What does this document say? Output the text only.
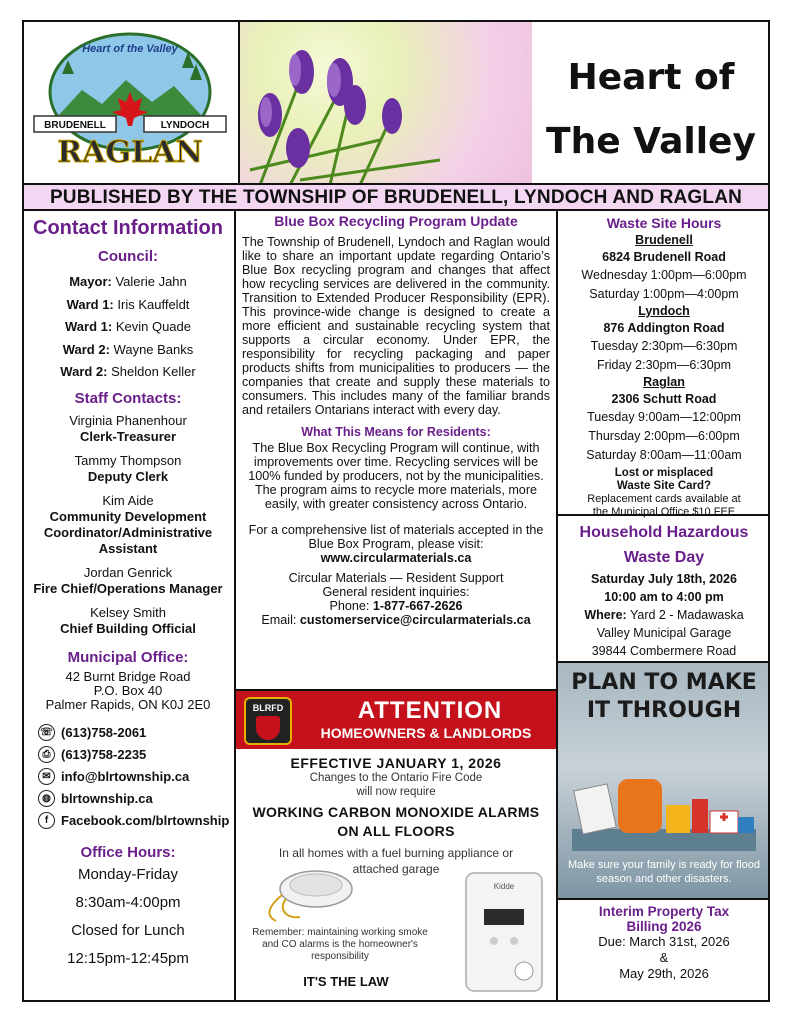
Heart of the Valley
BRUDENELL	LYNDOCH
RAGLAN
Heart of
The Valley
PUBLISHED BY THE TOWNSHIP OF BRUDENELL, LYNDOCH AND RAGLAN
Contact Information
Council:
Mayor: Valerie Jahn
Ward 1: Iris Kauffeldt
Ward 1: Kevin Quade
Ward 2: Wayne Banks
Ward 2: Sheldon Keller
Staff Contacts:
Virginia Phanenhour
Clerk-Treasurer
Tammy Thompson
Deputy Clerk
Kim Aide
Community Development Coordinator/Administrative Assistant
Jordan Genrick
Fire Chief/Operations Manager
Kelsey Smith
Chief Building Official
Municipal Office:
42 Burnt Bridge Road
P.O. Box 40
Palmer Rapids, ON K0J 2E0
☏ (613)758-2061
⎙ (613)758-2235
✉ info@blrtownship.ca
◍ blrtownship.ca
f Facebook.com/blrtownship
Office Hours:
Monday-Friday
8:30am-4:00pm
Closed for Lunch
12:15pm-12:45pm
Blue Box Recycling Program Update
The Township of Brudenell, Lyndoch and Raglan would like to share an important update regarding Ontario’s Blue Box recycling program and changes that affect how recycling services are delivered in the community. Transition to Extended Producer Responsibility (EPR). This province-wide change is designed to create a more efficient and sustainable recycling system that supports a circular economy. Under EPR, the responsibility for recycling packaging and paper products shifts from municipalities to producers — the companies that create and supply these materials to consumers. This includes many of the familiar brands and retailers Ontarians interact with every day.
What This Means for Residents:
The Blue Box Recycling Program will continue, with improvements over time. Recycling services will be 100% funded by producers, not by the municipalities. The program aims to recycle more materials, more easily, with greater consistency across Ontario.
For a comprehensive list of materials accepted in the Blue Box Program, please visit:
www.circularmaterials.ca
Circular Materials — Resident Support
General resident inquiries:
Phone: 1-877-667-2626
Email: customerservice@circularmaterials.ca
BLRFD	ATTENTION
HOMEOWNERS & LANDLORDS
EFFECTIVE JANUARY 1, 2026
Changes to the Ontario Fire Code
will now require
WORKING CARBON MONOXIDE ALARMS
ON ALL FLOORS
In all homes with a fuel burning appliance or
attached garage
Kidde
Remember: maintaining working smoke and CO alarms is the homeowner's responsibility
IT'S THE LAW
Waste Site Hours
Brudenell
6824 Brudenell Road
Wednesday 1:00pm—6:00pm
Saturday 1:00pm—4:00pm
Lyndoch
876 Addington Road
Tuesday 2:30pm—6:30pm
Friday 2:30pm—6:30pm
Raglan
2306 Schutt Road
Tuesday 9:00am—12:00pm
Thursday 2:00pm—6:00pm
Saturday 8:00am—11:00am
Lost or misplaced
Waste Site Card?
Replacement cards available at
the Municipal Office $10 FEE
Household Hazardous
Waste Day
Saturday July 18th, 2026
10:00 am to 4:00 pm
Where: Yard 2 - Madawaska
Valley Municipal Garage
39844 Combermere Road
PLAN TO MAKE
IT THROUGH
Make sure your family is ready for flood season and other disasters.
Interim Property Tax
Billing 2026
Due: March 31st, 2026
&
May 29th, 2026
